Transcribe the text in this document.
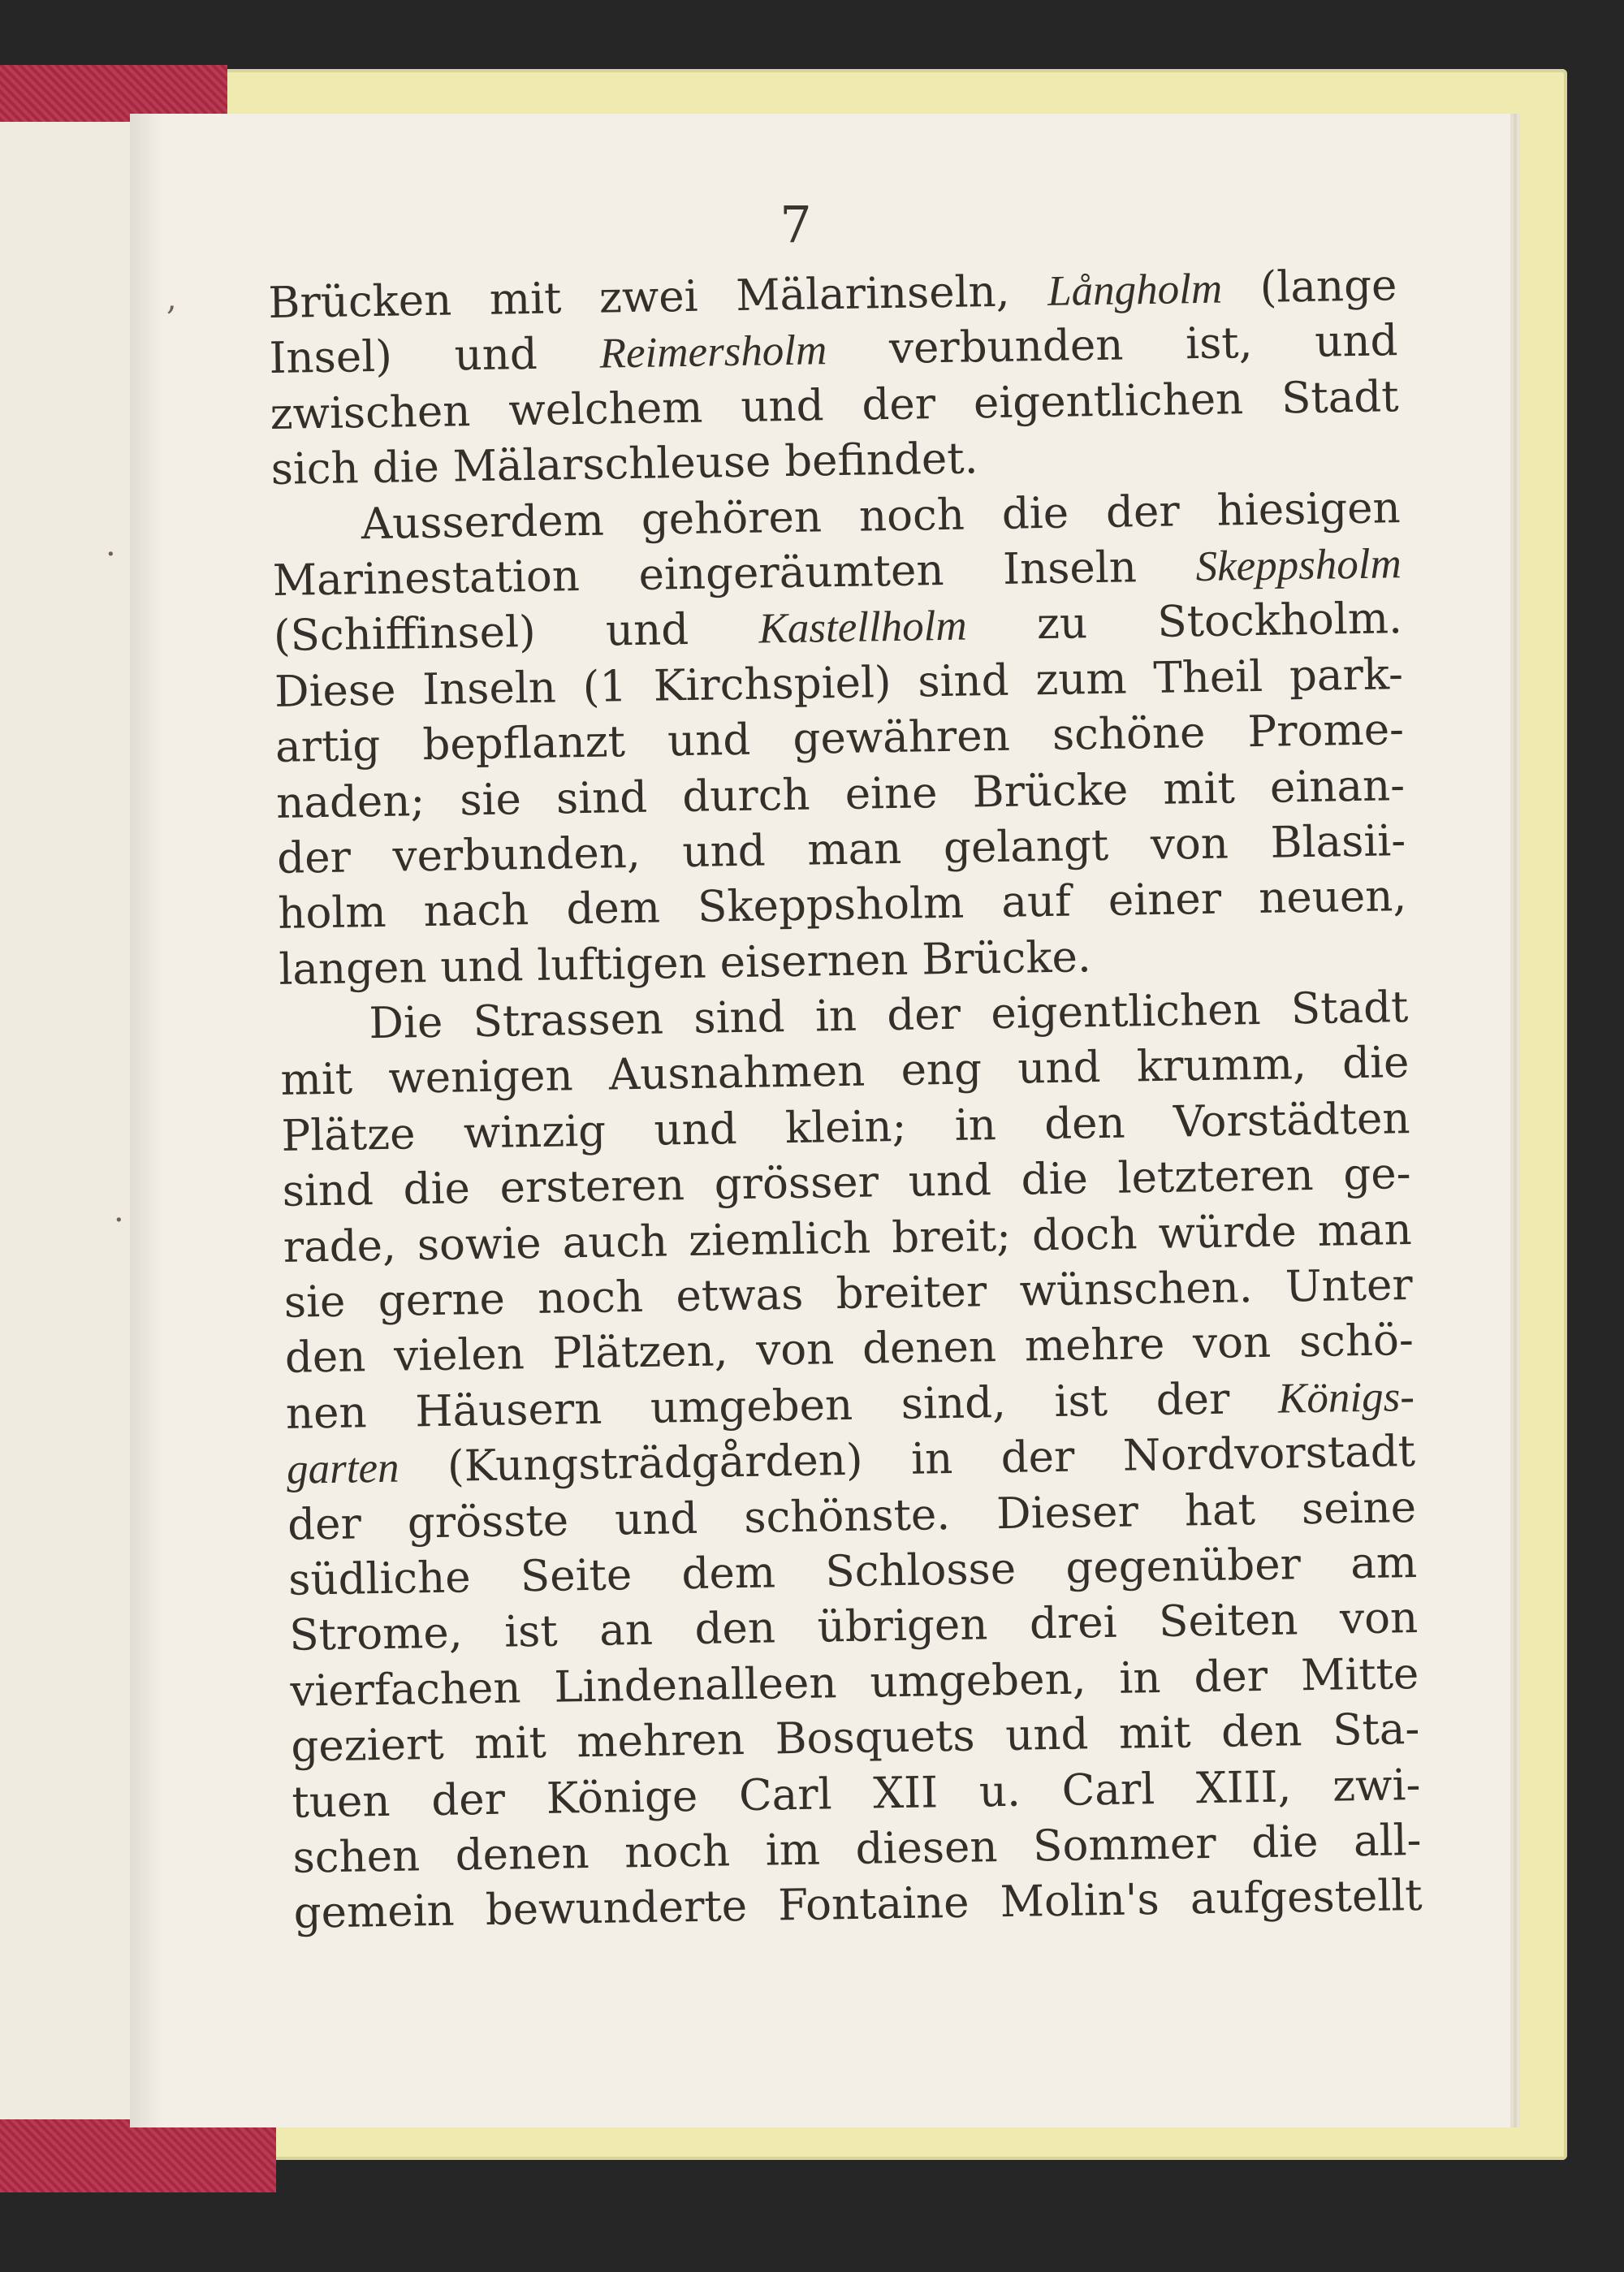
7
Brücken mit zwei Mälarinseln, Långholm (lange
Insel) und Reimersholm verbunden ist, und
zwischen welchem und der eigentlichen Stadt
sich die Mälarschleuse befindet.
Ausserdem gehören noch die der hiesigen
Marinestation eingeräumten Inseln Skeppsholm
(Schiffinsel) und Kastellholm zu Stockholm.
Diese Inseln (1 Kirchspiel) sind zum Theil park-
artig bepflanzt und gewähren schöne Prome-
naden; sie sind durch eine Brücke mit einan-
der verbunden, und man gelangt von Blasii-
holm nach dem Skeppsholm auf einer neuen,
langen und luftigen eisernen Brücke.
Die Strassen sind in der eigentlichen Stadt
mit wenigen Ausnahmen eng und krumm, die
Plätze winzig und klein; in den Vorstädten
sind die ersteren grösser und die letzteren ge-
rade, sowie auch ziemlich breit; doch würde man
sie gerne noch etwas breiter wünschen. Unter
den vielen Plätzen, von denen mehre von schö-
nen Häusern umgeben sind, ist der Königs-
garten (Kungsträdgården) in der Nordvorstadt
der grösste und schönste. Dieser hat seine
südliche Seite dem Schlosse gegenüber am
Strome, ist an den übrigen drei Seiten von
vierfachen Lindenalleen umgeben, in der Mitte
geziert mit mehren Bosquets und mit den Sta-
tuen der Könige Carl XII u. Carl XIII, zwi-
schen denen noch im diesen Sommer die all-
gemein bewunderte Fontaine Molin's aufgestellt
,
·
·
